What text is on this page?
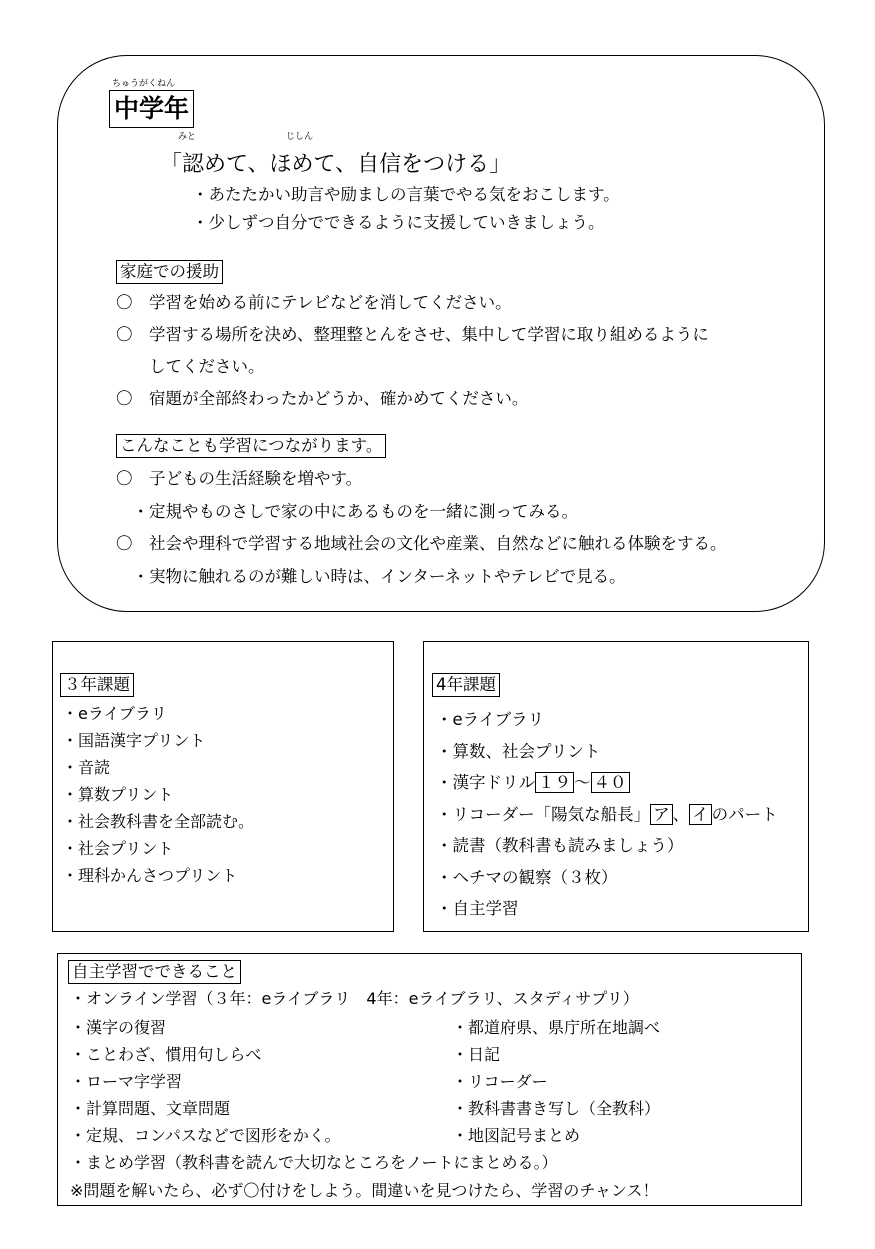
ちゅうがくねん
中学年
みと　　　　　　　　　　じしん
「認めて、ほめて、自信をつける」
・あたたかい助言や励ましの言葉でやる気をおこします。
・少しずつ自分でできるように支援していきましょう。
家庭での援助
〇　学習を始める前にテレビなどを消してください。
〇　学習する場所を決め、整理整とんをさせ、集中して学習に取り組めるように
　　してください。
〇　宿題が全部終わったかどうか、確かめてください。
こんなことも学習につながります。
〇　子どもの生活経験を増やす。
　・定規やものさしで家の中にあるものを一緒に測ってみる。
〇　社会や理科で学習する地域社会の文化や産業、自然などに触れる体験をする。
　・実物に触れるのが難しい時は、インターネットやテレビで見る。
３年課題
・eライブラリ
・国語漢字プリント
・音読
・算数プリント
・社会教科書を全部読む。
・社会プリント
・理科かんさつプリント
4年課題
・eライブラリ
・算数、社会プリント
・漢字ドリル １９ ～ ４０
・リコーダー「陽気な船長」 ア 、 イ のパート
・読書（教科書も読みましょう）
・ヘチマの観察（３枚）
・自主学習
自主学習でできること
・オンライン学習（３年：eライブラリ　4年：eライブラリ、スタディサプリ）
・漢字の復習
・ことわざ、慣用句しらべ
・ローマ字学習
・計算問題、文章問題
・定規、コンパスなどで図形をかく。
・都道府県、県庁所在地調べ
・日記
・リコーダー
・教科書書き写し（全教科）
・地図記号まとめ
・まとめ学習（教科書を読んで大切なところをノートにまとめる。）
※問題を解いたら、必ず〇付けをしよう。間違いを見つけたら、学習のチャンス！
